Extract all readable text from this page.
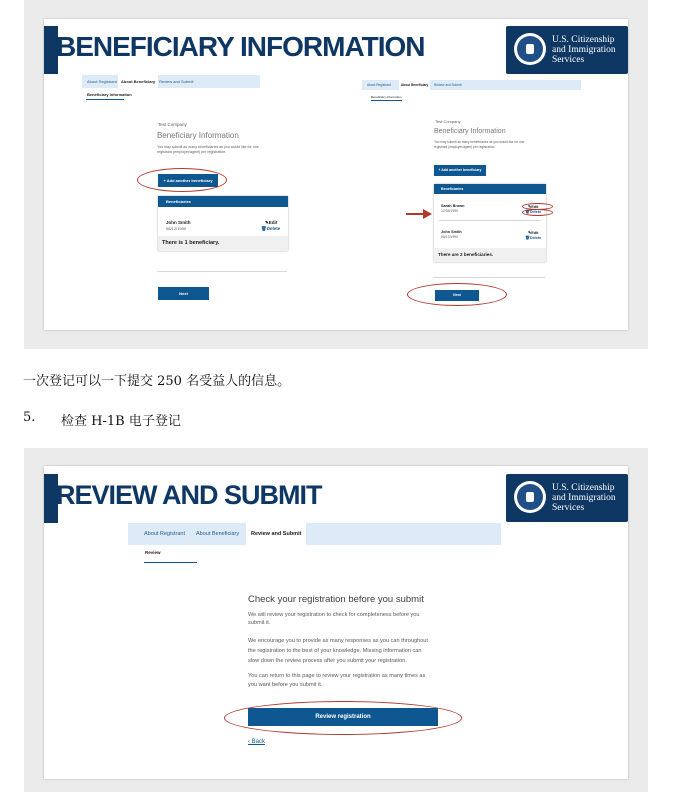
BENEFICIARY INFORMATION	U.S. Citizenship
and Immigration
Services
About Registrant	About Beneficiary Review and Submit
Beneficiary Information
Test Company
Beneficiary Information
You may submit as many beneficiaries as you would like for one
registrant (employer/agent) per registration.
+ Add another beneficiary
Beneficiaries
John Smith
08/12/1990
✎Edit
🗑Delete
There is 1 beneficiary.
Next
About Registrant	About Beneficiary	Review and Submit
Beneficiary Information
Test Company
Beneficiary Information
You may submit as many beneficiaries as you would like for one
registrant (employer/agent) per registration.
+ Add another beneficiary
Beneficiaries
Sarah Brown
12/05/1999
✎Edit
🗑Delete
John Smith
08/12/1990
✎Edit
🗑Delete
There are 2 beneficiaries.
Next
一次登记可以一下提交 250 名受益人的信息。
5. 检查 H-1B 电子登记
REVIEW AND SUBMIT	U.S. Citizenship
and Immigration
Services
About Registrant About Beneficiary	Review and Submit
Review
Check your registration before you submit
We will review your registration to check for completeness before you
submit it.
We encourage you to provide as many responses as you can throughout
the registration to the best of your knowledge. Missing information can
slow down the review process after you submit your registration.
You can return to this page to review your registration as many times as
you want before you submit it.
Review registration
‹ Back
